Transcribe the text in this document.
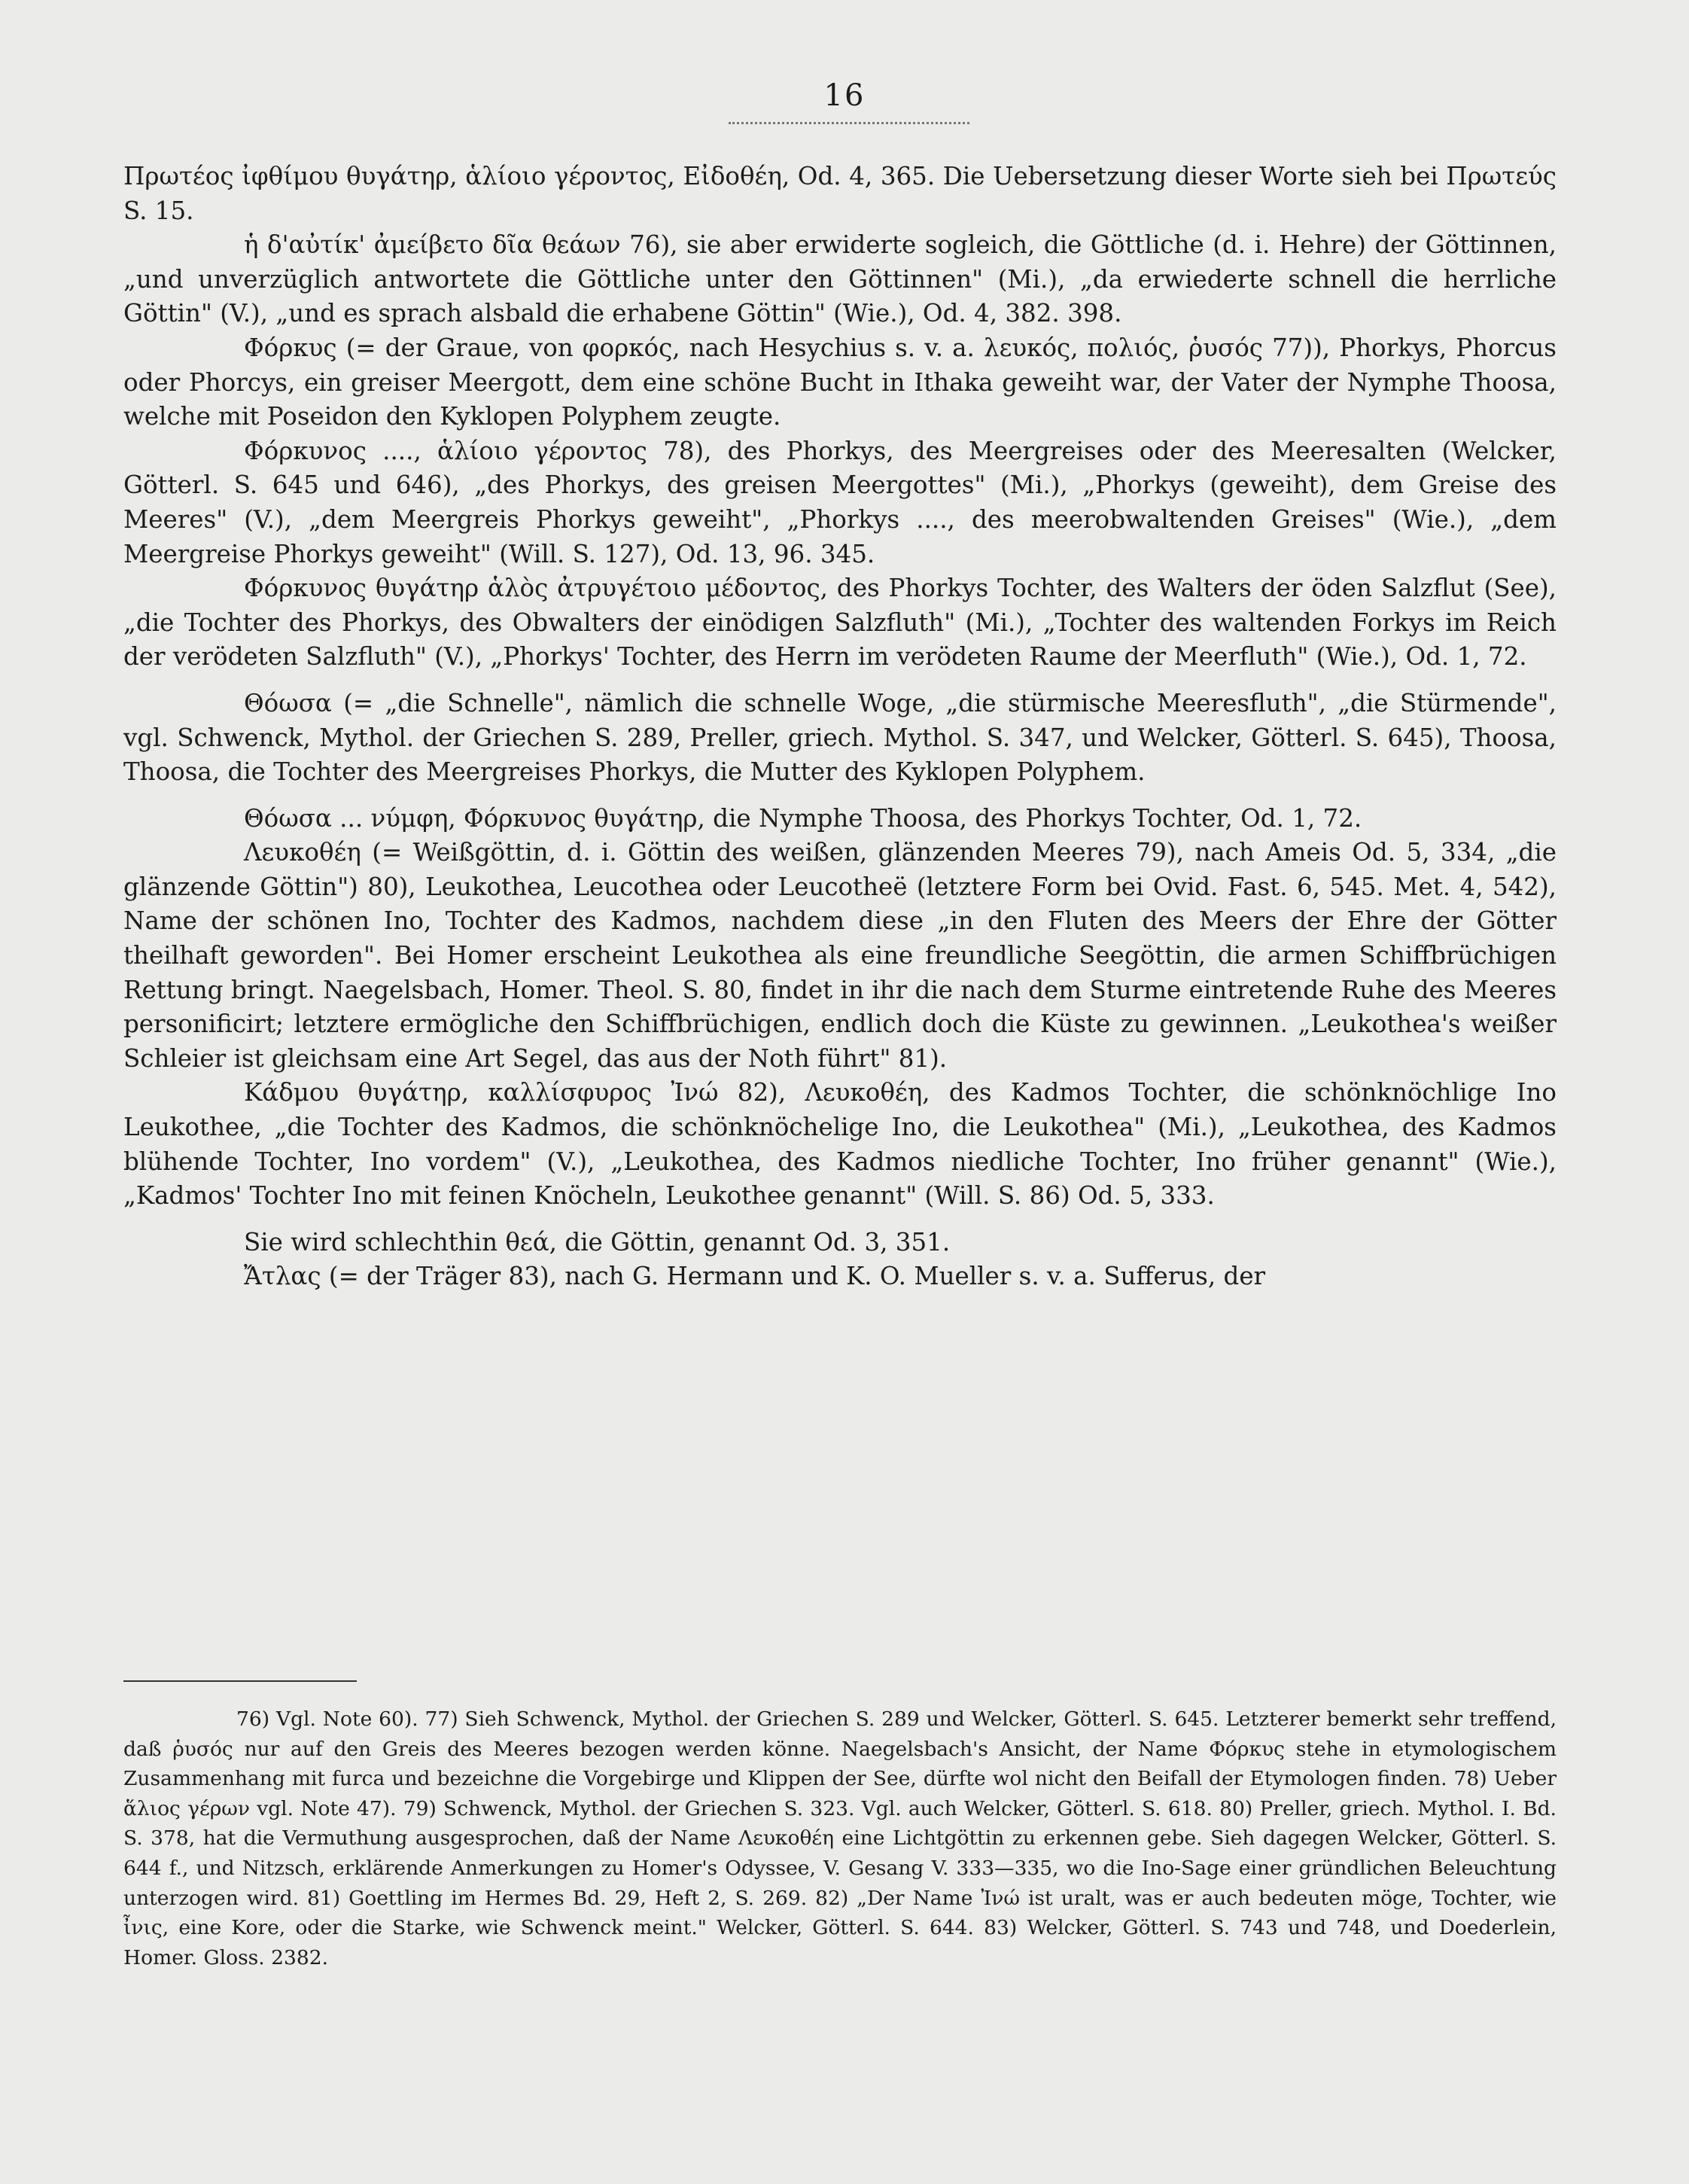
16

Πρωτέος ἰφθίμου θυγάτηρ, ἁλίοιο γέροντος, Εἰδοθέη, Od. 4, 365. Die Uebersetzung dieser Worte sieh bei Πρωτεύς S. 15.

ἡ δ'αὐτίκ' ἀμείβετο δῖα θεάων 76), sie aber erwiderte sogleich, die Göttliche (d. i. Hehre) der Göttinnen, „und unverzüglich antwortete die Göttliche unter den Göttinnen" (Mi.), „da erwiederte schnell die herrliche Göttin" (V.), „und es sprach alsbald die erhabene Göttin" (Wie.), Od. 4, 382. 398.

Φόρκυς (= der Graue, von φορκός, nach Hesychius s. v. a. λευκός, πολιός, ῥυσός 77)), Phorkys, Phorcus oder Phorcys, ein greiser Meergott, dem eine schöne Bucht in Ithaka geweiht war, der Vater der Nymphe Thoosa, welche mit Poseidon den Kyklopen Polyphem zeugte.

Φόρκυνος ...., ἁλίοιο γέροντος 78), des Phorkys, des Meergreises oder des Meeresalten (Welcker, Götterl. S. 645 und 646), „des Phorkys, des greisen Meergottes" (Mi.), „Phorkys (geweiht), dem Greise des Meeres" (V.), „dem Meergreis Phorkys geweiht", „Phorkys ...., des meerobwaltenden Greises" (Wie.), „dem Meergreise Phorkys geweiht" (Will. S. 127), Od. 13, 96. 345.

Φόρκυνος θυγάτηρ ἁλὸς ἀτρυγέτοιο μέδοντος, des Phorkys Tochter, des Walters der öden Salzflut (See), „die Tochter des Phorkys, des Obwalters der einödigen Salzfluth" (Mi.), „Tochter des waltenden Forkys im Reich der verödeten Salzfluth" (V.), „Phorkys' Tochter, des Herrn im verödeten Raume der Meerfluth" (Wie.), Od. 1, 72.

Θόωσα (= „die Schnelle", nämlich die schnelle Woge, „die stürmische Meeresfluth", „die Stürmende", vgl. Schwenck, Mythol. der Griechen S. 289, Preller, griech. Mythol. S. 347, und Welcker, Götterl. S. 645), Thoosa, Thoosa, die Tochter des Meergreises Phorkys, die Mutter des Kyklopen Polyphem.

Θόωσα ... νύμφη, Φόρκυνος θυγάτηρ, die Nymphe Thoosa, des Phorkys Tochter, Od. 1, 72.

Λευκοθέη (= Weißgöttin, d. i. Göttin des weißen, glänzenden Meeres 79), nach Ameis Od. 5, 334, „die glänzende Göttin") 80), Leukothea, Leucothea oder Leucotheë (letztere Form bei Ovid. Fast. 6, 545. Met. 4, 542), Name der schönen Ino, Tochter des Kadmos, nachdem diese „in den Fluten des Meers der Ehre der Götter theilhaft geworden". Bei Homer erscheint Leukothea als eine freundliche Seegöttin, die armen Schiffbrüchigen Rettung bringt. Naegelsbach, Homer. Theol. S. 80, findet in ihr die nach dem Sturme eintretende Ruhe des Meeres personificirt; letztere ermögliche den Schiffbrüchigen, endlich doch die Küste zu gewinnen. „Leukothea's weißer Schleier ist gleichsam eine Art Segel, das aus der Noth führt" 81).

Κάδμου θυγάτηρ, καλλίσφυρος Ἰνώ 82), Λευκοθέη, des Kadmos Tochter, die schönknöchlige Ino Leukothee, „die Tochter des Kadmos, die schönknöchelige Ino, die Leukothea" (Mi.), „Leukothea, des Kadmos blühende Tochter, Ino vordem" (V.), „Leukothea, des Kadmos niedliche Tochter, Ino früher genannt" (Wie.), „Kadmos' Tochter Ino mit feinen Knöcheln, Leukothee genannt" (Will. S. 86) Od. 5, 333.

Sie wird schlechthin θεά, die Göttin, genannt Od. 3, 351.

Ἄτλας (= der Träger 83), nach G. Hermann und K. O. Mueller s. v. a. Sufferus, der

76) Vgl. Note 60). 77) Sieh Schwenck, Mythol. der Griechen S. 289 und Welcker, Götterl. S. 645. Letzterer bemerkt sehr treffend, daß ῥυσός nur auf den Greis des Meeres bezogen werden könne. Naegelsbach's Ansicht, der Name Φόρκυς stehe in etymologischem Zusammenhang mit furca und bezeichne die Vorgebirge und Klippen der See, dürfte wol nicht den Beifall der Etymologen finden. 78) Ueber ἅλιος γέρων vgl. Note 47). 79) Schwenck, Mythol. der Griechen S. 323. Vgl. auch Welcker, Götterl. S. 618. 80) Preller, griech. Mythol. I. Bd. S. 378, hat die Vermuthung ausgesprochen, daß der Name Λευκοθέη eine Lichtgöttin zu erkennen gebe. Sieh dagegen Welcker, Götterl. S. 644 f., und Nitzsch, erklärende Anmerkungen zu Homer's Odyssee, V. Gesang V. 333—335, wo die Ino-Sage einer gründlichen Beleuchtung unterzogen wird. 81) Goettling im Hermes Bd. 29, Heft 2, S. 269. 82) „Der Name Ἰνώ ist uralt, was er auch bedeuten möge, Tochter, wie ἶνις, eine Kore, oder die Starke, wie Schwenck meint." Welcker, Götterl. S. 644. 83) Welcker, Götterl. S. 743 und 748, und Doederlein, Homer. Gloss. 2382.
